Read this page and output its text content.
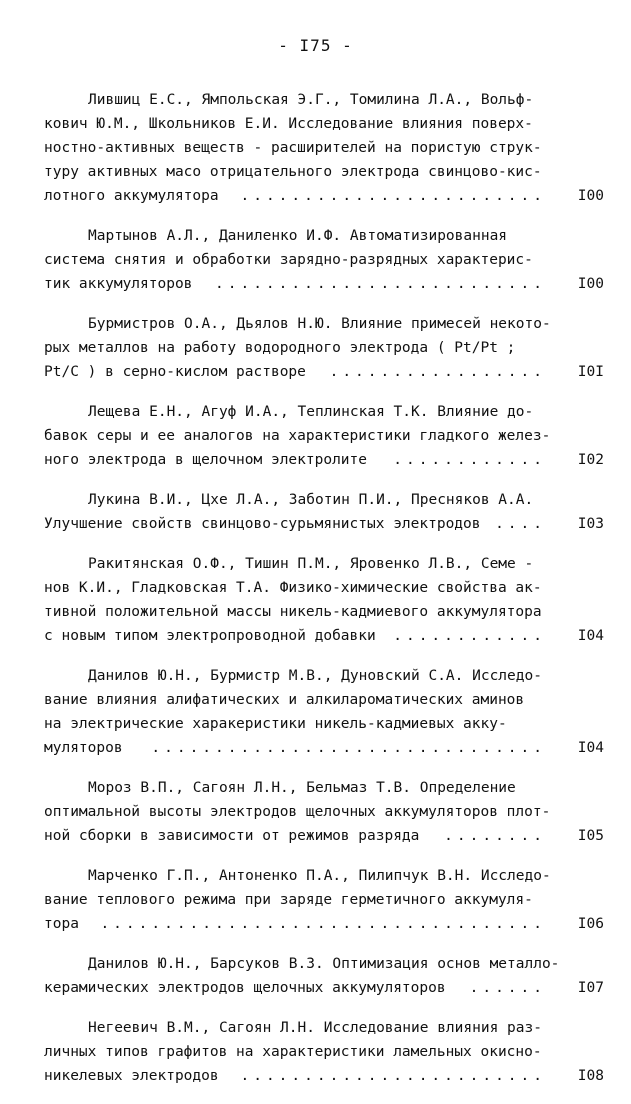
- I75 -
Лившиц Е.С., Ямпольская Э.Г., Томилина Л.А., Вольф-
кович Ю.М., Школьников Е.И. Исследование влияния поверх-
ностно-активных веществ - расширителей на пористую струк-
туру активных масо отрицательного электрода свинцово-кис-
лотного аккумулятора	........................	I00
Мартынов А.Л., Даниленко И.Ф. Автоматизированная
система снятия и обработки зарядно-разрядных характерис-
тик аккумуляторов	..........................	I00
Бурмистров О.А., Дьялов Н.Ю. Влияние примесей некото-
рых металлов на работу водородного электрода ( Pt/Pt ;
Pt/C ) в серно-кислом растворе	.................	I0I
Лещева Е.Н., Агуф И.А., Теплинская Т.К. Влияние до-
бавок серы и ее аналогов на характеристики гладкого желез-
ного электрода в щелочном электролите	............	I02
Лукина В.И., Цхе Л.А., Заботин П.И., Пресняков А.А.
Улучшение свойств свинцово-сурьмянистых электродов ....	I03
Ракитянская О.Ф., Тишин П.М., Яровенко Л.В., Семе -
нов К.И., Гладковская Т.А. Физико-химические свойства ак-
тивной положительной массы никель-кадмиевого аккумулятора
с новым типом электропроводной добавки	............	I04
Данилов Ю.Н., Бурмистр М.В., Дуновский С.А. Исследо-
вание влияния алифатических и алкилароматических аминов
на электрические харакеристики никель-кадмиевых акку-
муляторов	...............................	I04
Мороз В.П., Сагоян Л.Н., Бельмаз Т.В. Определение
оптимальной высоты электродов щелочных аккумуляторов плот-
ной сборки в зависимости от режимов разряда	........	I05
Марченко Г.П., Антоненко П.А., Пилипчук В.Н. Исследо-
вание теплового режима при заряде герметичного аккумуля-
тора	...................................	I06
Данилов Ю.Н., Барсуков В.З. Оптимизация основ металло-
керамических электродов щелочных аккумуляторов	......	I07
Негеевич В.М., Сагоян Л.Н. Исследование влияния раз-
личных типов графитов на характеристики ламельных окисно-
никелевых электродов	........................	I08
